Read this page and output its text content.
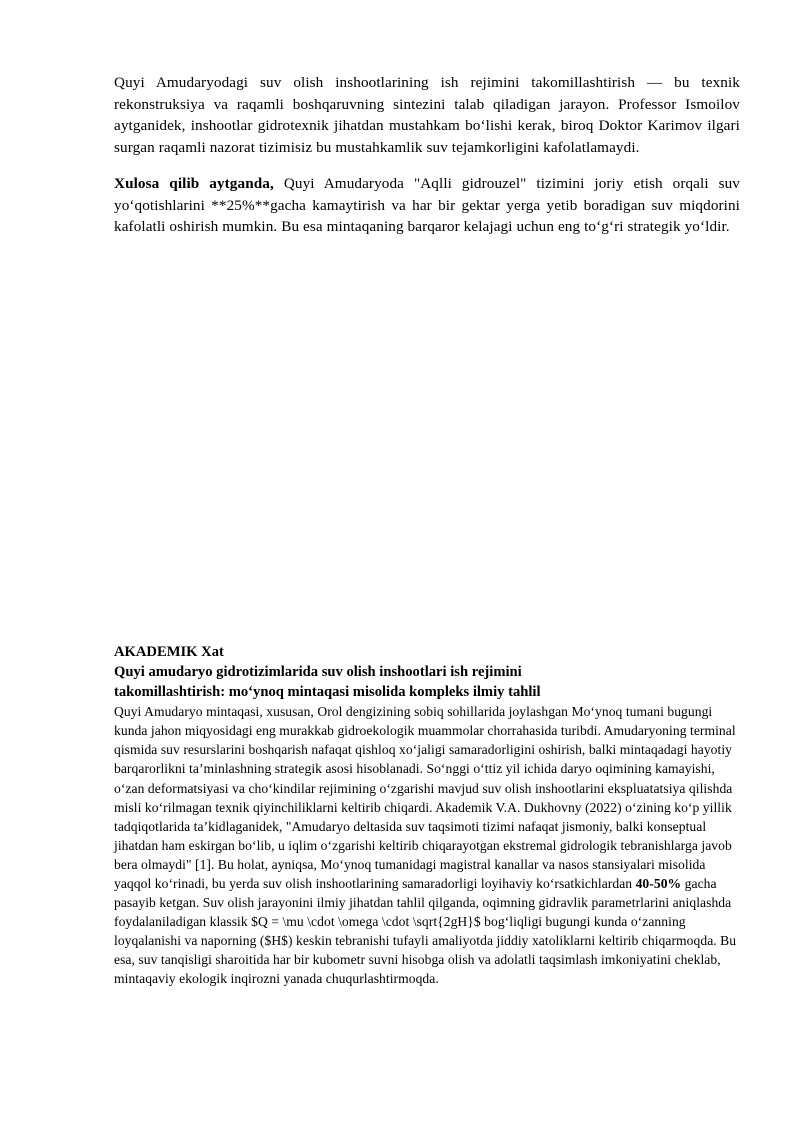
Quyi Amudaryodagi suv olish inshootlarining ish rejimini takomillashtirish — bu texnik rekonstruksiya va raqamli boshqaruvning sintezini talab qiladigan jarayon. Professor Ismoilov aytganidek, inshootlar gidrotexnik jihatdan mustahkam bo‘lishi kerak, biroq Doktor Karimov ilgari surgan raqamli nazorat tizimisiz bu mustahkamlik suv tejamkorligini kafolatlamaydi.

Xulosa qilib aytganda, Quyi Amudaryoda "Aqlli gidrouzel" tizimini joriy etish orqali suv yo‘qotishlarini **25%**gacha kamaytirish va har bir gektar yerga yetib boradigan suv miqdorini kafolatli oshirish mumkin. Bu esa mintaqaning barqaror kelajagi uchun eng to‘g‘ri strategik yo‘ldir.

AKADEMIK Xat

Quyi amudaryo gidrotizimlarida suv olish inshootlari ish rejimini

takomillashtirish: mo‘ynoq mintaqasi misolida kompleks ilmiy tahlil

Quyi Amudaryo mintaqasi, xususan, Orol dengizining sobiq sohillarida joylashgan Mo‘ynoq tumani bugungi kunda jahon miqyosidagi eng murakkab gidroekologik muammolar chorrahasida turibdi. Amudaryoning terminal qismida suv resurslarini boshqarish nafaqat qishloq xo‘jaligi samaradorligini oshirish, balki mintaqadagi hayotiy barqarorlikni ta’minlashning strategik asosi hisoblanadi. So‘nggi o‘ttiz yil ichida daryo oqimining kamayishi, o‘zan deformatsiyasi va cho‘kindilar rejimining o‘zgarishi mavjud suv olish inshootlarini ekspluatatsiya qilishda misli ko‘rilmagan texnik qiyinchiliklarni keltirib chiqardi. Akademik V.A. Dukhovny (2022) o‘zining ko‘p yillik tadqiqotlarida ta’kidlaganidek, "Amudaryo deltasida suv taqsimoti tizimi nafaqat jismoniy, balki konseptual jihatdan ham eskirgan bo‘lib, u iqlim o‘zgarishi keltirib chiqarayotgan ekstremal gidrologik tebranishlarga javob bera olmaydi" [1]. Bu holat, ayniqsa, Mo‘ynoq tumanidagi magistral kanallar va nasos stansiyalari misolida yaqqol ko‘rinadi, bu yerda suv olish inshootlarining samaradorligi loyihaviy ko‘rsatkichlardan 40-50% gacha pasayib ketgan. Suv olish jarayonini ilmiy jihatdan tahlil qilganda, oqimning gidravlik parametrlarini aniqlashda foydalaniladigan klassik $Q = \mu \cdot \omega \cdot \sqrt{2gH}$ bog‘liqligi bugungi kunda o‘zanning loyqalanishi va naporning ($H$) keskin tebranishi tufayli amaliyotda jiddiy xatoliklarni keltirib chiqarmoqda. Bu esa, suv tanqisligi sharoitida har bir kubometr suvni hisobga olish va adolatli taqsimlash imkoniyatini cheklab, mintaqaviy ekologik inqirozni yanada chuqurlashtirmoqda.
